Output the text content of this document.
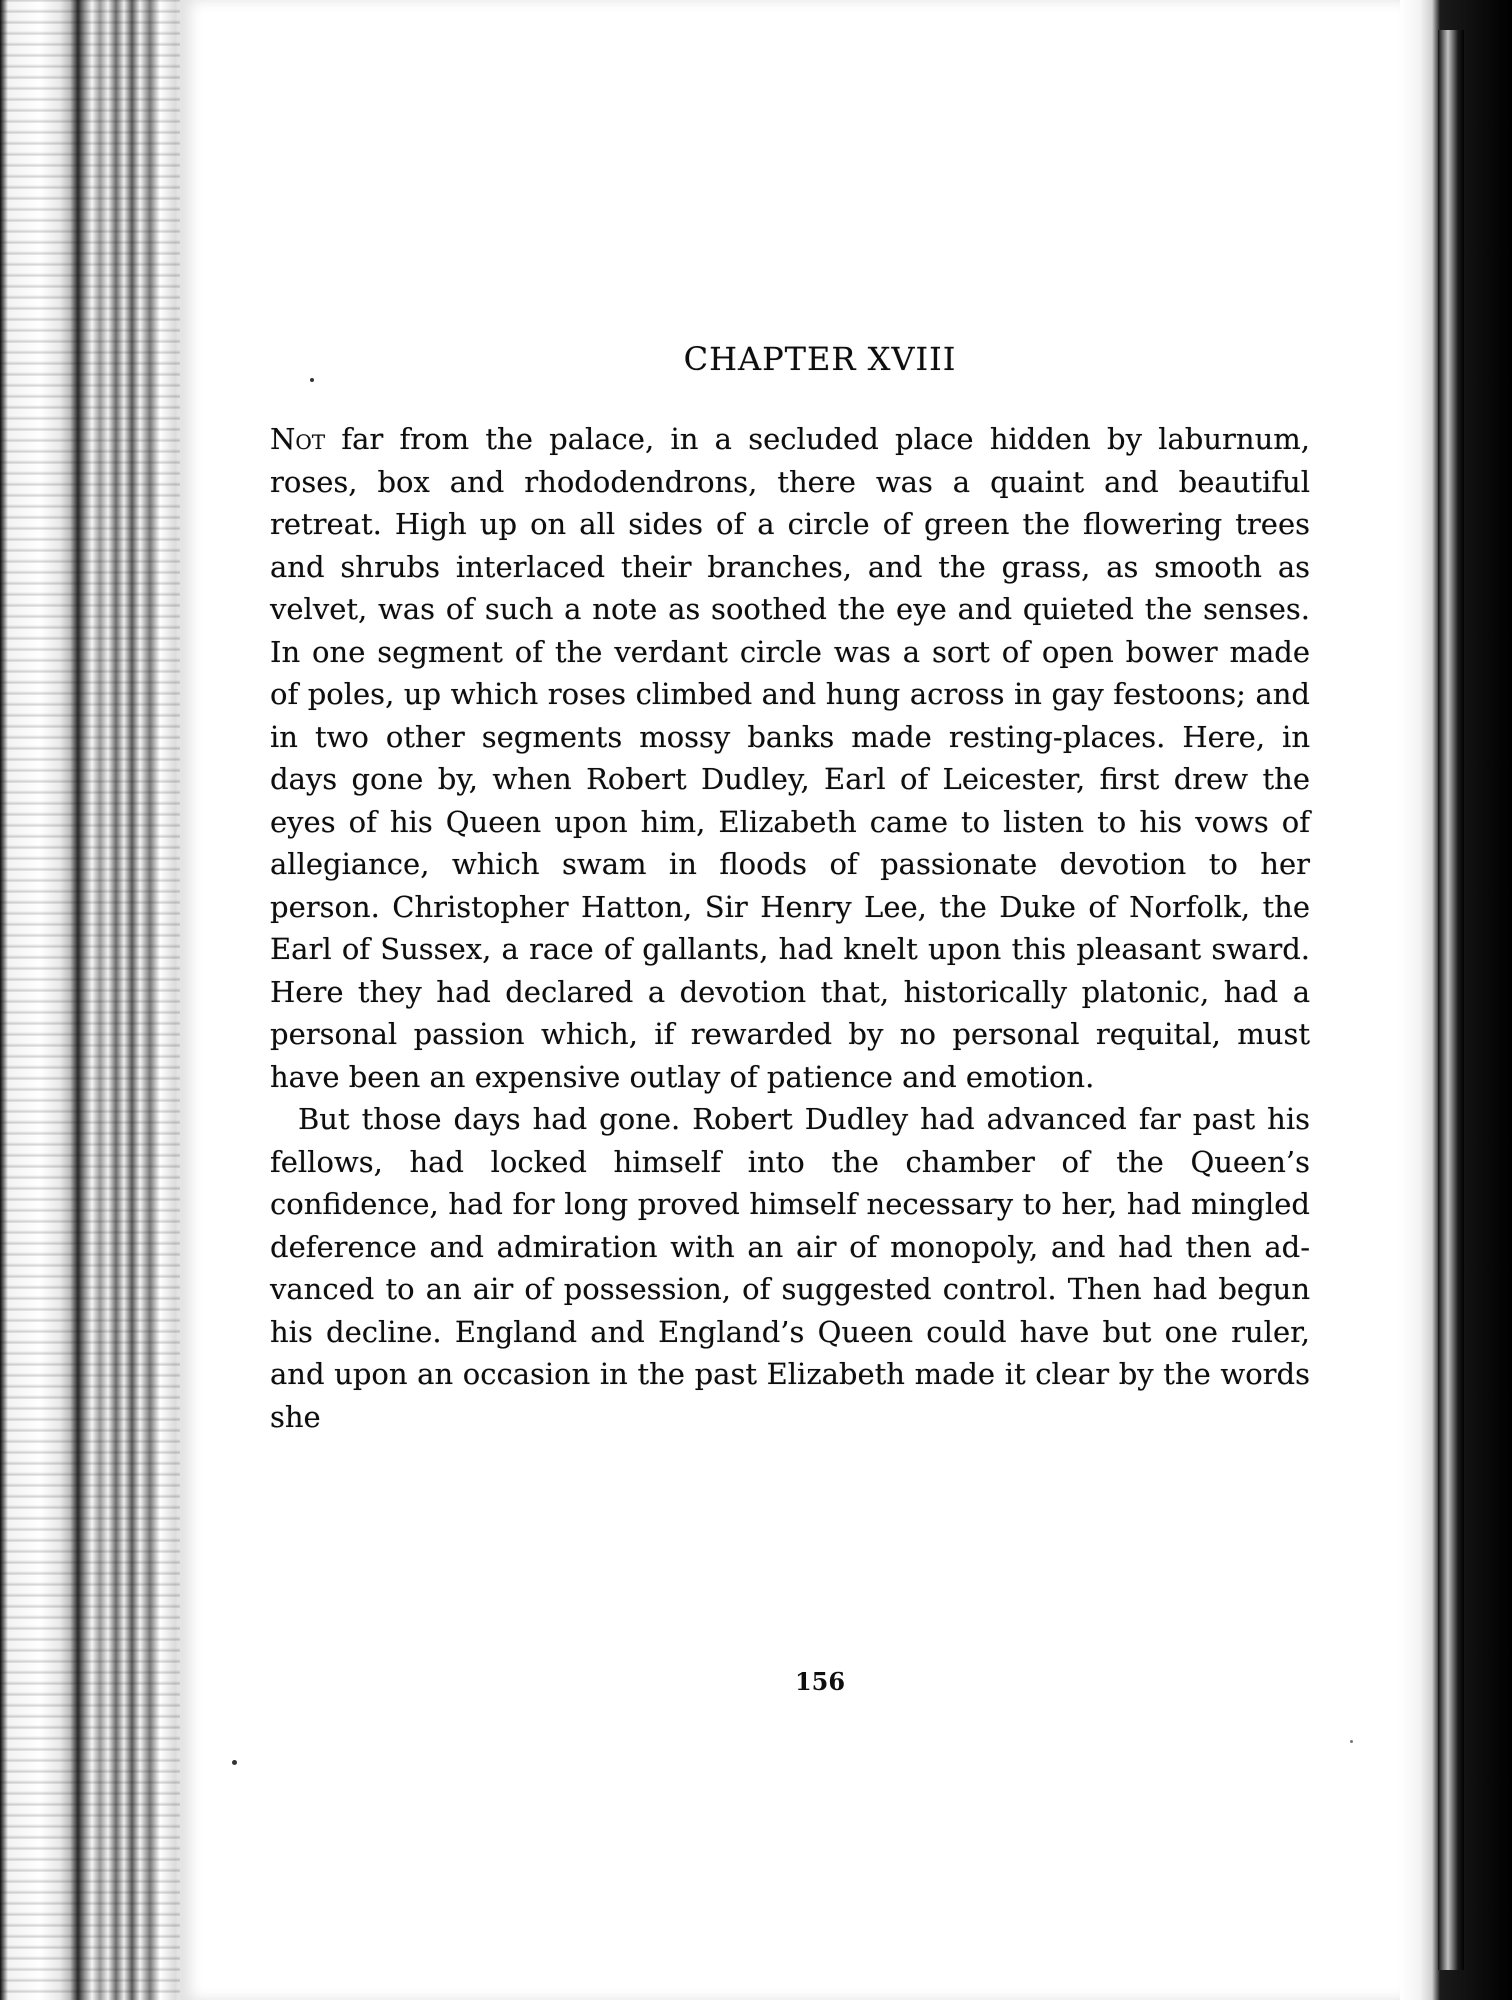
CHAPTER XVIII

Not far from the palace, in a secluded place hidden by laburnum, roses, box and rhododendrons, there was a quaint and beautiful retreat. High up on all sides of a circle of green the flowering trees and shrubs interlaced their branches, and the grass, as smooth as velvet, was of such a note as soothed the eye and quieted the senses. In one segment of the verdant circle was a sort of open bower made of poles, up which roses climbed and hung across in gay festoons; and in two other segments mossy banks made resting-places. Here, in days gone by, when Robert Dudley, Earl of Leicester, first drew the eyes of his Queen upon him, Elizabeth came to listen to his vows of allegiance, which swam in floods of passionate devotion to her person. Christopher Hatton, Sir Henry Lee, the Duke of Norfolk, the Earl of Sussex, a race of gallants, had knelt upon this pleasant sward. Here they had declared a devotion that, historically platonic, had a personal passion which, if rewarded by no personal requital, must have been an expensive outlay of patience and emotion.

But those days had gone. Robert Dudley had advanced far past his fellows, had locked himself into the chamber of the Queen’s confidence, had for long proved himself necessary to her, had mingled deference and admiration with an air of monopoly, and had then advanced to an air of possession, of suggested control. Then had begun his decline. England and England’s Queen could have but one ruler, and upon an occasion in the past Elizabeth made it clear by the words she

156
